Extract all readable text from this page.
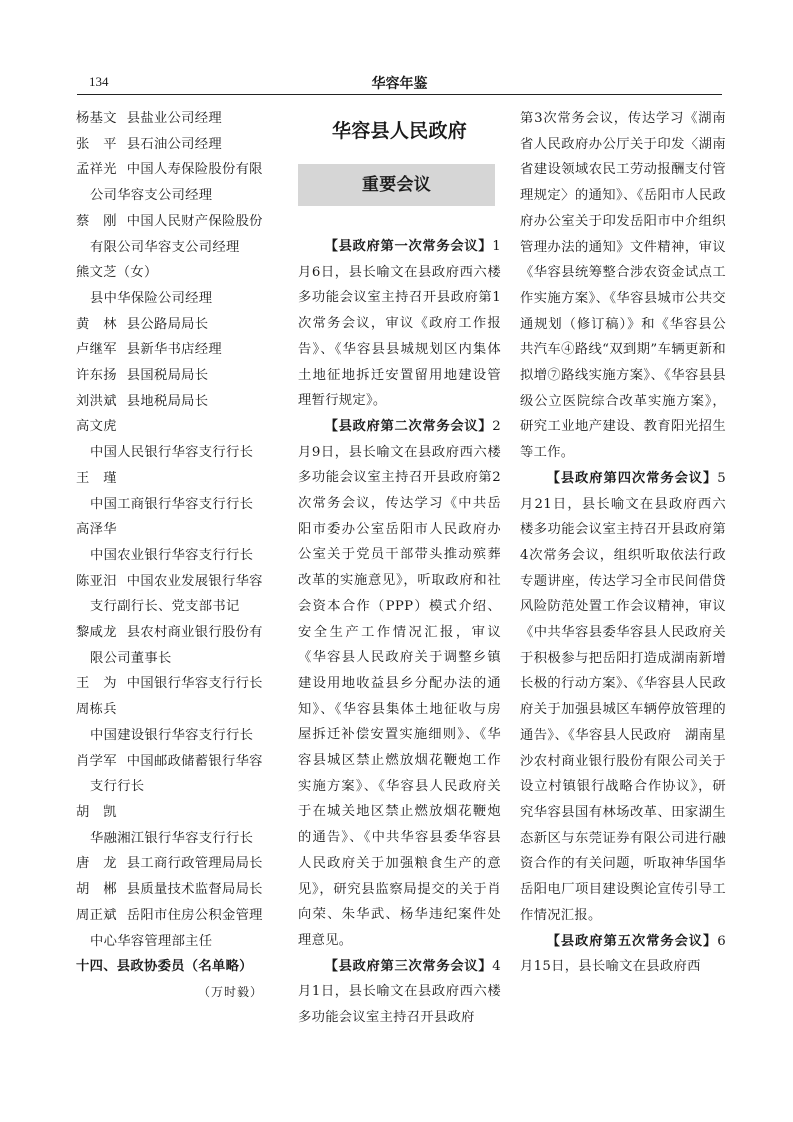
134	华容年鉴
杨基文 县盐业公司经理
张　平 县石油公司经理
孟祥光 中国人寿保险股份有限
公司华容支公司经理
蔡　刚 中国人民财产保险股份
有限公司华容支公司经理
熊文芝（女）
县中华保险公司经理
黄　林 县公路局局长
卢继军 县新华书店经理
许东扬 县国税局局长
刘洪斌 县地税局局长
高文虎
中国人民银行华容支行行长
王　瑾
中国工商银行华容支行行长
高泽华
中国农业银行华容支行行长
陈亚汨 中国农业发展银行华容
支行副行长、党支部书记
黎咸龙 县农村商业银行股份有
限公司董事长
王　为 中国银行华容支行行长
周栋兵
中国建设银行华容支行行长
肖学军 中国邮政储蓄银行华容
支行行长
胡　凯
华融湘江银行华容支行行长
唐　龙 县工商行政管理局局长
胡　郴 县质量技术监督局局长
周正斌 岳阳市住房公积金管理
中心华容管理部主任
十四、县政协委员（名单略）
（万时毅）
华容县人民政府
重要会议

【县政府第一次常务会议】1月6日，县长喻文在县政府西六楼多功能会议室主持召开县政府第1次常务会议，审议《政府工作报告》、《华容县县城规划区内集体土地征地拆迁安置留用地建设管理暂行规定》。

【县政府第二次常务会议】2月9日，县长喻文在县政府西六楼多功能会议室主持召开县政府第2次常务会议，传达学习《中共岳阳市委办公室岳阳市人民政府办公室关于党员干部带头推动殡葬改革的实施意见》，听取政府和社会资本合作（PPP）模式介绍、安全生产工作情况汇报，审议《华容县人民政府关于调整乡镇建设用地收益县乡分配办法的通知》、《华容县集体土地征收与房屋拆迁补偿安置实施细则》、《华容县城区禁止燃放烟花鞭炮工作实施方案》、《华容县人民政府关于在城关地区禁止燃放烟花鞭炮的通告》、《中共华容县委华容县人民政府关于加强粮食生产的意见》，研究县监察局提交的关于肖向荣、朱华武、杨华违纪案件处理意见。

【县政府第三次常务会议】4月1日，县长喻文在县政府西六楼多功能会议室主持召开县政府

第3次常务会议，传达学习《湖南省人民政府办公厅关于印发〈湖南省建设领域农民工劳动报酬支付管理规定〉的通知》、《岳阳市人民政府办公室关于印发岳阳市中介组织管理办法的通知》文件精神，审议《华容县统筹整合涉农资金试点工作实施方案》、《华容县城市公共交通规划（修订稿）》和《华容县公共汽车④路线“双到期”车辆更新和拟增⑦路线实施方案》、《华容县县级公立医院综合改革实施方案》，研究工业地产建设、教育阳光招生等工作。

【县政府第四次常务会议】5月21日，县长喻文在县政府西六楼多功能会议室主持召开县政府第4次常务会议，组织听取依法行政专题讲座，传达学习全市民间借贷风险防范处置工作会议精神，审议《中共华容县委华容县人民政府关于积极参与把岳阳打造成湖南新增长极的行动方案》、《华容县人民政府关于加强县城区车辆停放管理的通告》、《华容县人民政府　湖南星沙农村商业银行股份有限公司关于设立村镇银行战略合作协议》，研究华容县国有林场改革、田家湖生态新区与东莞证券有限公司进行融资合作的有关问题，听取神华国华岳阳电厂项目建设舆论宣传引导工作情况汇报。

【县政府第五次常务会议】6月15日，县长喻文在县政府西
